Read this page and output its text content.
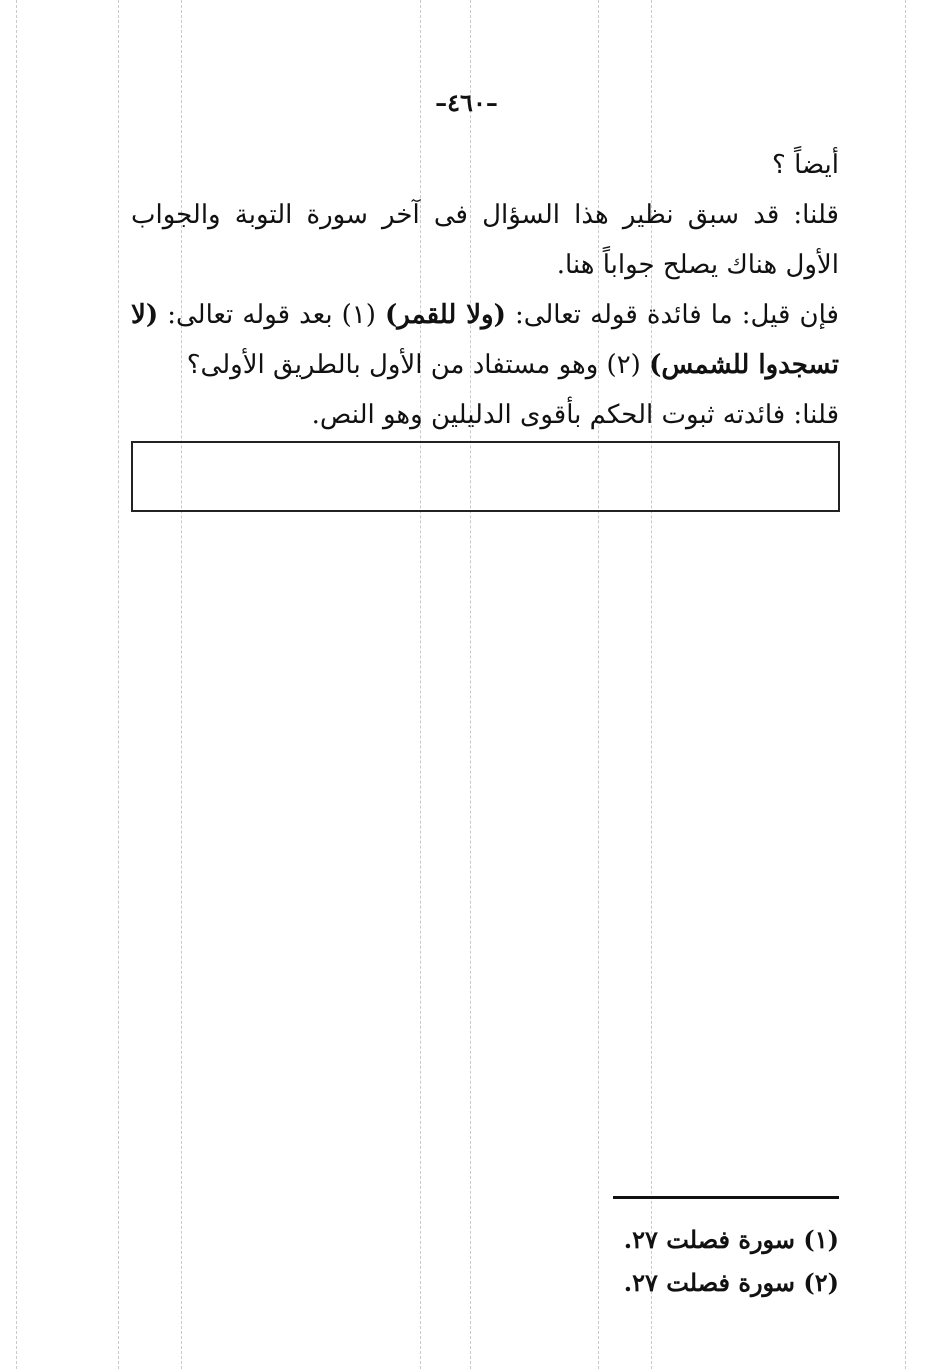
–٤٦٠–

أيضاً ؟

قلنا: قد سبق نظير هذا السؤال فى آخر سورة التوبة والجواب الأول هناك يصلح جواباً هنا.

فإن قيل: ما فائدة قوله تعالى: (ولا للقمر) (١) بعد قوله تعالى: (لا تسجدوا للشمس) (٢) وهو مستفاد من الأول بالطريق الأولى؟

قلنا: فائدته ثبوت الحكم بأقوى الدليلين وهو النص.

(١) سورة فصلت ٢٧.

(٢) سورة فصلت ٢٧.
